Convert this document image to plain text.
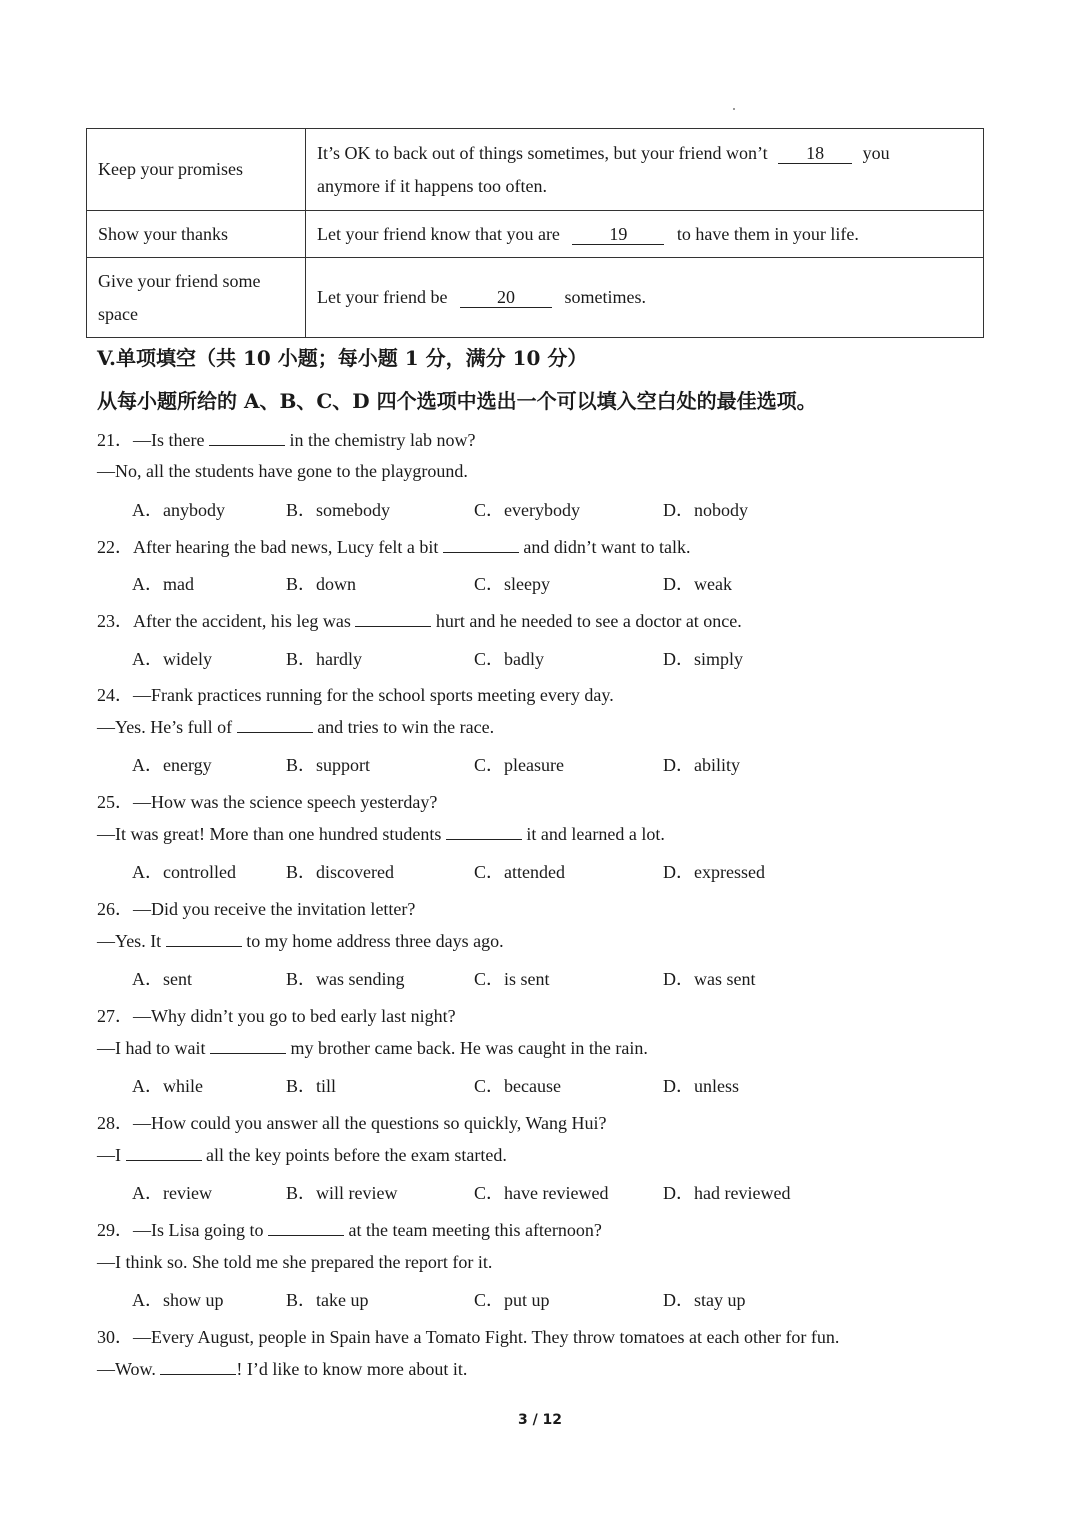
Keep your promises	It’s OK to back out of things sometimes, but your friend won’t 18 you
anymore if it happens too often.
Show your thanks	Let your friend know that you are 19 to have them in your life.
Give your friend some
space	Let your friend be 20 sometimes.
V.单项填空（共 10 小题；每小题 1 分，满分 10 分）
从每小题所给的 A、B、C、D 四个选项中选出一个可以填入空白处的最佳选项。
21．—Is there	in the chemistry lab now?
—No, all the students have gone to the playground.
A．anybody	B．somebody	C．everybody	D．nobody
22．After hearing the bad news, Lucy felt a bit	and didn’t want to talk.
A．mad	B．down	C．sleepy	D．weak
23．After the accident, his leg was	hurt and he needed to see a doctor at once.
A．widely	B．hardly	C．badly	D．simply
24．—Frank practices running for the school sports meeting every day.
—Yes. He’s full of	and tries to win the race.
A．energy	B．support	C．pleasure	D．ability
25．—How was the science speech yesterday?
—It was great! More than one hundred students	it and learned a lot.
A．controlled	B．discovered	C．attended	D．expressed
26．—Did you receive the invitation letter?
—Yes. It	to my home address three days ago.
A．sent	B．was sending	C．is sent	D．was sent
27．—Why didn’t you go to bed early last night?
—I had to wait	my brother came back. He was caught in the rain.
A．while	B．till	C．because	D．unless
28．—How could you answer all the questions so quickly, Wang Hui?
—I	all the key points before the exam started.
A．review	B．will review	C．have reviewed	D．had reviewed
29．—Is Lisa going to	at the team meeting this afternoon?
—I think so. She told me she prepared the report for it.
A．show up	B．take up	C．put up	D．stay up
30．—Every August, people in Spain have a Tomato Fight. They throw tomatoes at each other for fun.
—Wow.	! I’d like to know more about it.
3 / 12
